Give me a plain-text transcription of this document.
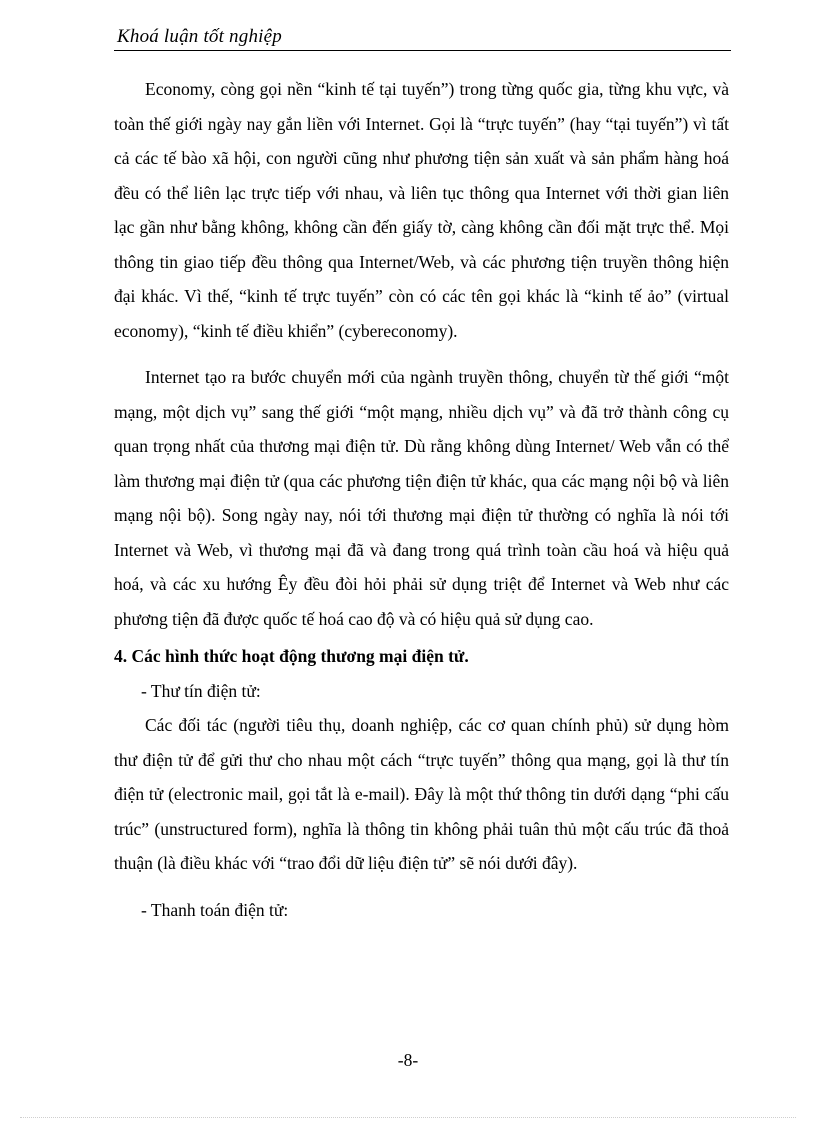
Khoá luận tốt nghiệp

Economy, còng gọi nền “kinh tế tại tuyến”) trong từng quốc gia, từng khu vực, và toàn thế giới ngày nay gắn liền với Internet. Gọi là “trực tuyến” (hay “tại tuyến”) vì tất cả các tế bào xã hội, con người cũng như phương tiện sản xuất và sản phẩm hàng hoá đều có thể liên lạc trực tiếp với nhau, và liên tục thông qua Internet với thời gian liên lạc gần như bằng không, không cần đến giấy tờ, càng không cần đối mặt trực thể. Mọi thông tin giao tiếp đều thông qua Internet/Web, và các phương tiện truyền thông hiện đại khác. Vì thế, “kinh tế trực tuyến” còn có các tên gọi khác là “kinh tế ảo” (virtual economy), “kinh tế điều khiển” (cybereconomy).

Internet tạo ra bước chuyển mới của ngành truyền thông, chuyển từ thế giới “một mạng, một dịch vụ” sang thế giới “một mạng, nhiều dịch vụ” và đã trở thành công cụ quan trọng nhất của thương mại điện tử. Dù rằng không dùng Internet/ Web vẫn có thể làm thương mại điện tử (qua các phương tiện điện tử khác, qua các mạng nội bộ và liên mạng nội bộ). Song ngày nay, nói tới thương mại điện tử thường có nghĩa là nói tới Internet và Web, vì thương mại đã và đang trong quá trình toàn cầu hoá và hiệu quả hoá, và các xu hướng Êy đều đòi hỏi phải sử dụng triệt để Internet và Web như các phương tiện đã được quốc tế hoá cao độ và có hiệu quả sử dụng cao.

4. Các hình thức hoạt động thương mại điện tử.

- Thư tín điện tử:

Các đối tác (người tiêu thụ, doanh nghiệp, các cơ quan chính phủ) sử dụng hòm thư điện tử để gửi thư cho nhau một cách “trực tuyến” thông qua mạng, gọi là thư tín điện tử (electronic mail, gọi tắt là e-mail). Đây là một thứ thông tin dưới dạng “phi cấu trúc” (unstructured form), nghĩa là thông tin không phải tuân thủ một cấu trúc đã thoả thuận (là điều khác với “trao đổi dữ liệu điện tử” sẽ nói dưới đây).

- Thanh toán điện tử:

-8-
